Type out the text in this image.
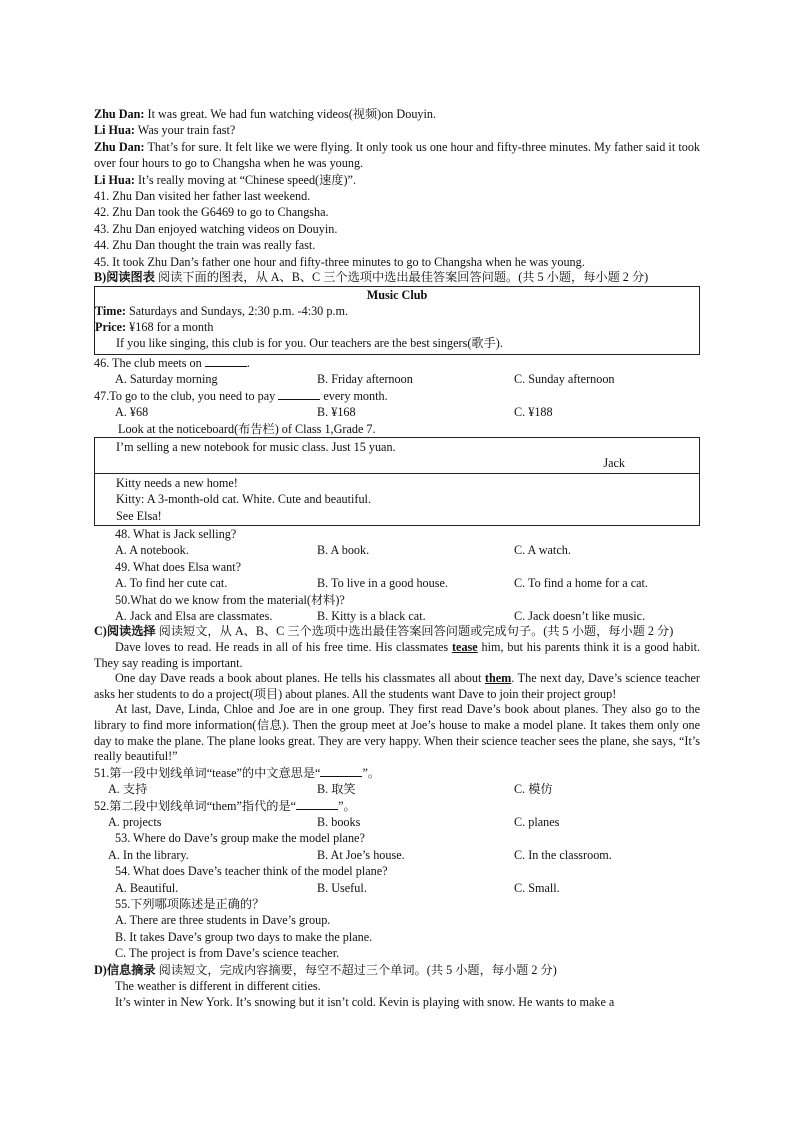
Zhu Dan: It was great. We had fun watching videos(视频)on Douyin.
Li Hua: Was your train fast?
Zhu Dan: That’s for sure. It felt like we were flying. It only took us one hour and fifty-three minutes. My father said it took over four hours to go to Changsha when he was young.
Li Hua: It’s really moving at “Chinese speed(速度)”.
41. Zhu Dan visited her father last weekend.
42. Zhu Dan took the G6469 to go to Changsha.
43. Zhu Dan enjoyed watching videos on Douyin.
44. Zhu Dan thought the train was really fast.
45. It took Zhu Dan’s father one hour and fifty-three minutes to go to Changsha when he was young.
B)阅读图表 阅读下面的图表，从 A、B、C 三个选项中选出最佳答案回答问题。(共 5 小题，每小题 2 分)
Music Club
Time: Saturdays and Sundays, 2:30 p.m. -4:30 p.m.
Price: ¥168 for a month
If you like singing, this club is for you. Our teachers are the best singers(歌手).
46. The club meets on	.
A. Saturday morning	B. Friday afternoon	C. Sunday afternoon
47.To go to the club, you need to pay	every month.
A. ¥68	B. ¥168	C. ¥188
Look at the noticeboard(布告栏) of Class 1,Grade 7.
I’m selling a new notebook for music class. Just 15 yuan.
Jack
Kitty needs a new home!
Kitty: A 3-month-old cat. White. Cute and beautiful.
See Elsa!
48. What is Jack selling?
A. A notebook.	B. A book.	C. A watch.
49. What does Elsa want?
A. To find her cute cat.	B. To live in a good house.	C. To find a home for a cat.
50.What do we know from the material(材料)?
A. Jack and Elsa are classmates.	B. Kitty is a black cat.	C. Jack doesn’t like music.
C)阅读选择 阅读短文，从 A、B、C 三个选项中选出最佳答案回答问题或完成句子。(共 5 小题，每小题 2 分)
Dave loves to read. He reads in all of his free time. His classmates tease him, but his parents think it is a good habit. They say reading is important.
One day Dave reads a book about planes. He tells his classmates all about them. The next day, Dave’s science teacher asks her students to do a project(项目) about planes. All the students want Dave to join their project group!
At last, Dave, Linda, Chloe and Joe are in one group. They first read Dave’s book about planes. They also go to the library to find more information(信息). Then the group meet at Joe’s house to make a model plane. It takes them only one day to make the plane. The plane looks great. They are very happy. When their science teacher sees the plane, she says, “It’s really beautiful!”
51.第一段中划线单词“tease”的中文意思是“	”。
A. 支持	B. 取笑	C. 模仿
52.第二段中划线单词“them”指代的是“	”。
A. projects	B. books	C. planes
53. Where do Dave’s group make the model plane?
A. In the library.	B. At Joe’s house.	C. In the classroom.
54. What does Dave’s teacher think of the model plane?
A. Beautiful.	B. Useful.	C. Small.
55.下列哪项陈述是正确的？
A. There are three students in Dave’s group.
B. It takes Dave’s group two days to make the plane.
C. The project is from Dave’s science teacher.
D)信息摘录 阅读短文，完成内容摘要，每空不超过三个单词。(共 5 小题，每小题 2 分)
The weather is different in different cities.
It’s winter in New York. It’s snowing but it isn’t cold. Kevin is playing with snow. He wants to make a
